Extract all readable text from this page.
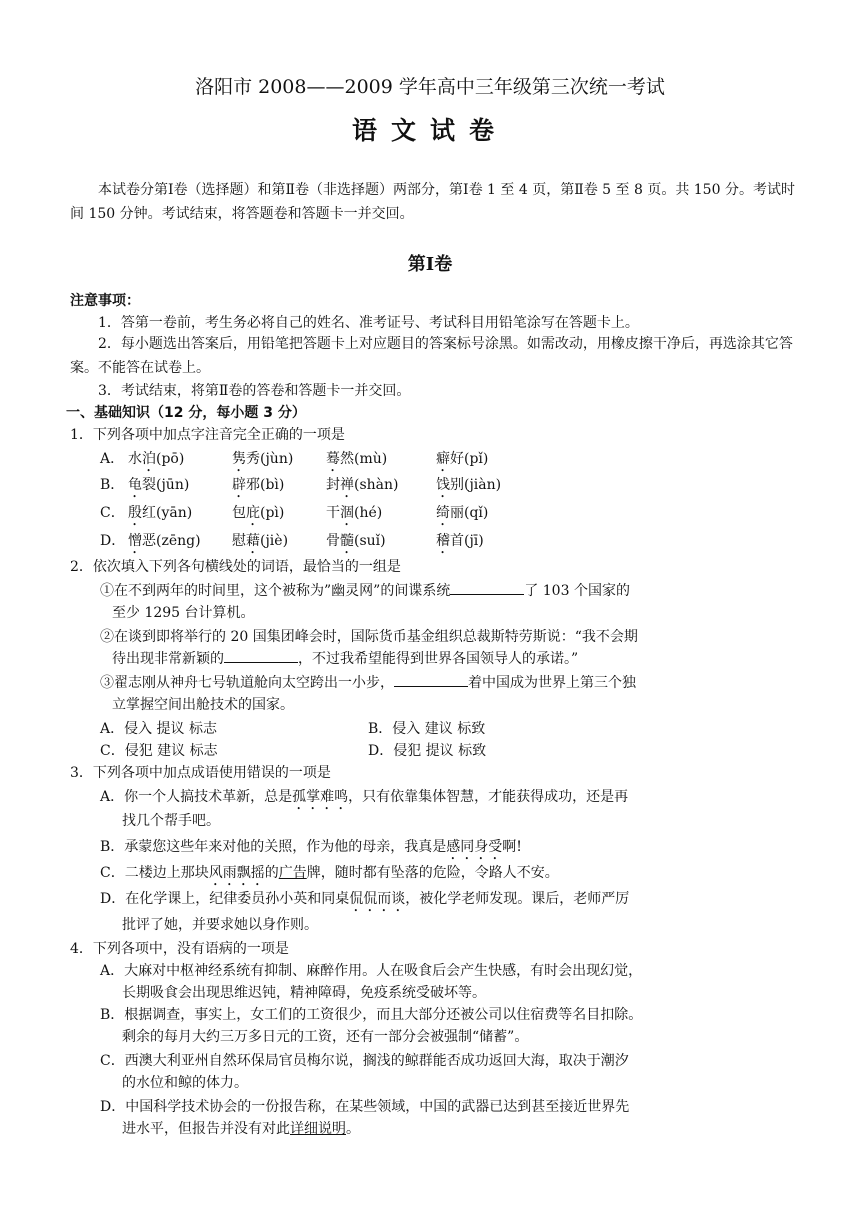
洛阳市 2008——2009 学年高中三年级第三次统一考试
语文试卷
本试卷分第Ⅰ卷（选择题）和第Ⅱ卷（非选择题）两部分，第Ⅰ卷 1 至 4 页，第Ⅱ卷 5 至 8 页。共 150 分。考试时间 150 分钟。考试结束，将答题卷和答题卡一并交回。
第Ⅰ卷
注意事项：
1．答第一卷前，考生务必将自己的姓名、准考证号、考试科目用铅笔涂写在答题卡上。
2．每小题选出答案后，用铅笔把答题卡上对应题目的答案标号涂黑。如需改动，用橡皮擦干净后，再选涂其它答案。不能答在试卷上。
3．考试结束，将第Ⅱ卷的答卷和答题卡一并交回。
一、基础知识（12 分，每小题 3 分）
1．下列各项中加点字注音完全正确的一项是
A． 水泊(pō)	隽秀(jùn) 蓦然(mù)	癖好(pǐ)
B． 龟裂(jūn)	辟邪(bì)	封禅(shàn)	饯别(jiàn)
C． 殷红(yān)	包庇(pì)	干涸(hé)	绮丽(qǐ)
D． 憎恶(zēng) 慰藉(jiè)	骨髓(suǐ)	稽首(jī)
2．依次填入下列各句横线处的词语，最恰当的一组是
①在不到两年的时间里，这个被称为”幽灵网”的间谍系统	了 103 个国家的
至少 1295 台计算机。
②在谈到即将举行的 20 国集团峰会时，国际货币基金组织总裁斯特劳斯说：“我不会期
待出现非常新颖的	，不过我希望能得到世界各国领导人的承诺。”
③翟志刚从神舟七号轨道舱向太空跨出一小步，	着中国成为世界上第三个独
立掌握空间出舱技术的国家。
A．侵入 提议 标志	B．侵入 建议 标致
C．侵犯 建议 标志	D．侵犯 提议 标致
3．下列各项中加点成语使用错误的一项是
A．你一个人搞技术革新，总是孤掌难鸣，只有依靠集体智慧，才能获得成功，还是再
找几个帮手吧。
B．承蒙您这些年来对他的关照，作为他的母亲，我真是感同身受啊!
C．二楼边上那块风雨飘摇的广告牌，随时都有坠落的危险，令路人不安。
D．在化学课上，纪律委员孙小英和同桌侃侃而谈，被化学老师发现。课后，老师严厉
批评了她，并要求她以身作则。
4．下列各项中，没有语病的一项是
A．大麻对中枢神经系统有抑制、麻醉作用。人在吸食后会产生快感，有时会出现幻觉，
长期吸食会出现思维迟钝，精神障碍，免疫系统受破坏等。
B．根据调查，事实上，女工们的工资很少，而且大部分还被公司以住宿费等名目扣除。
剩余的每月大约三万多日元的工资，还有一部分会被强制“储蓄”。
C．西澳大利亚州自然环保局官员梅尔说，搁浅的鲸群能否成功返回大海，取决于潮汐
的水位和鲸的体力。
D．中国科学技术协会的一份报告称，在某些领域，中国的武器已达到甚至接近世界先
进水平，但报告并没有对此详细说明。
